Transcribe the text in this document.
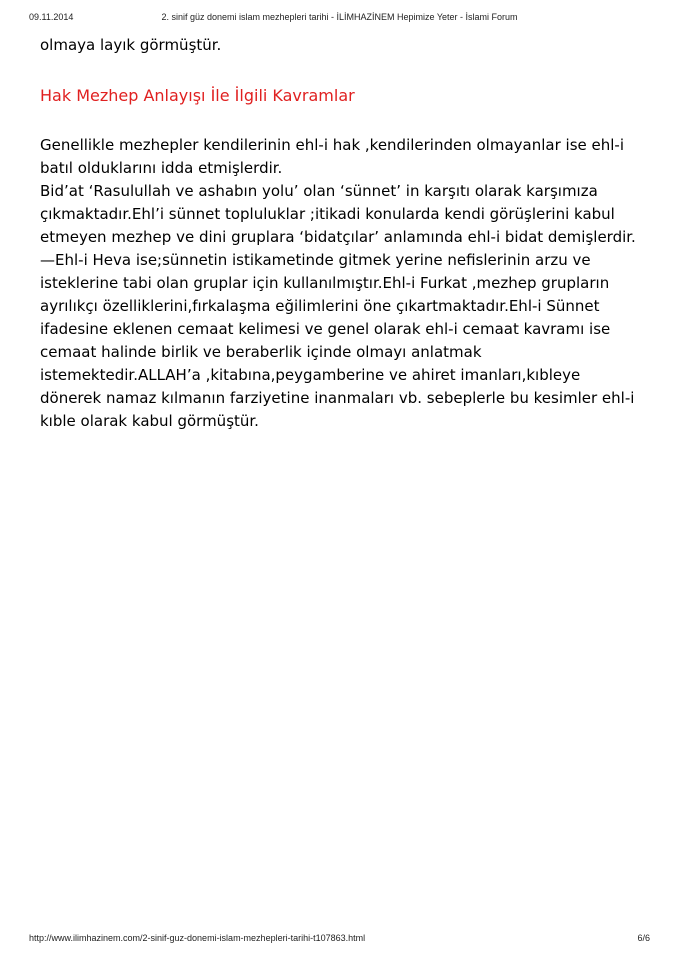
09.11.2014	2. sinif güz donemi islam mezhepleri tarihi - İLİMHAZİNEM Hepimize Yeter - İslami Forum

olmaya layık görmüştür.

Hak Mezhep Anlayışı İle İlgili Kavramlar
Genellikle mezhepler kendilerinin ehl-i hak ,kendilerinden olmayanlar ise ehl-i
batıl olduklarını idda etmişlerdir.
Bid’at ‘Rasulullah ve ashabın yolu’ olan ‘sünnet’ in karşıtı olarak karşımıza
çıkmaktadır.Ehl’i sünnet topluluklar ;itikadi konularda kendi görüşlerini kabul
etmeyen mezhep ve dini gruplara ‘bidatçılar’ anlamında ehl-i bidat demişlerdir.
—Ehl-i Heva ise;sünnetin istikametinde gitmek yerine nefislerinin arzu ve
isteklerine tabi olan gruplar için kullanılmıştır.Ehl-i Furkat ,mezhep grupların
ayrılıkçı özelliklerini,fırkalaşma eğilimlerini öne çıkartmaktadır.Ehl-i Sünnet
ifadesine eklenen cemaat kelimesi ve genel olarak ehl-i cemaat kavramı ise
cemaat halinde birlik ve beraberlik içinde olmayı anlatmak
istemektedir.ALLAH’a ,kitabına,peygamberine ve ahiret imanları,kıbleye
dönerek namaz kılmanın farziyetine inanmaları vb. sebeplerle bu kesimler ehl-i
kıble olarak kabul görmüştür.
http://www.ilimhazinem.com/2-sinif-guz-donemi-islam-mezhepleri-tarihi-t107863.html	6/6
